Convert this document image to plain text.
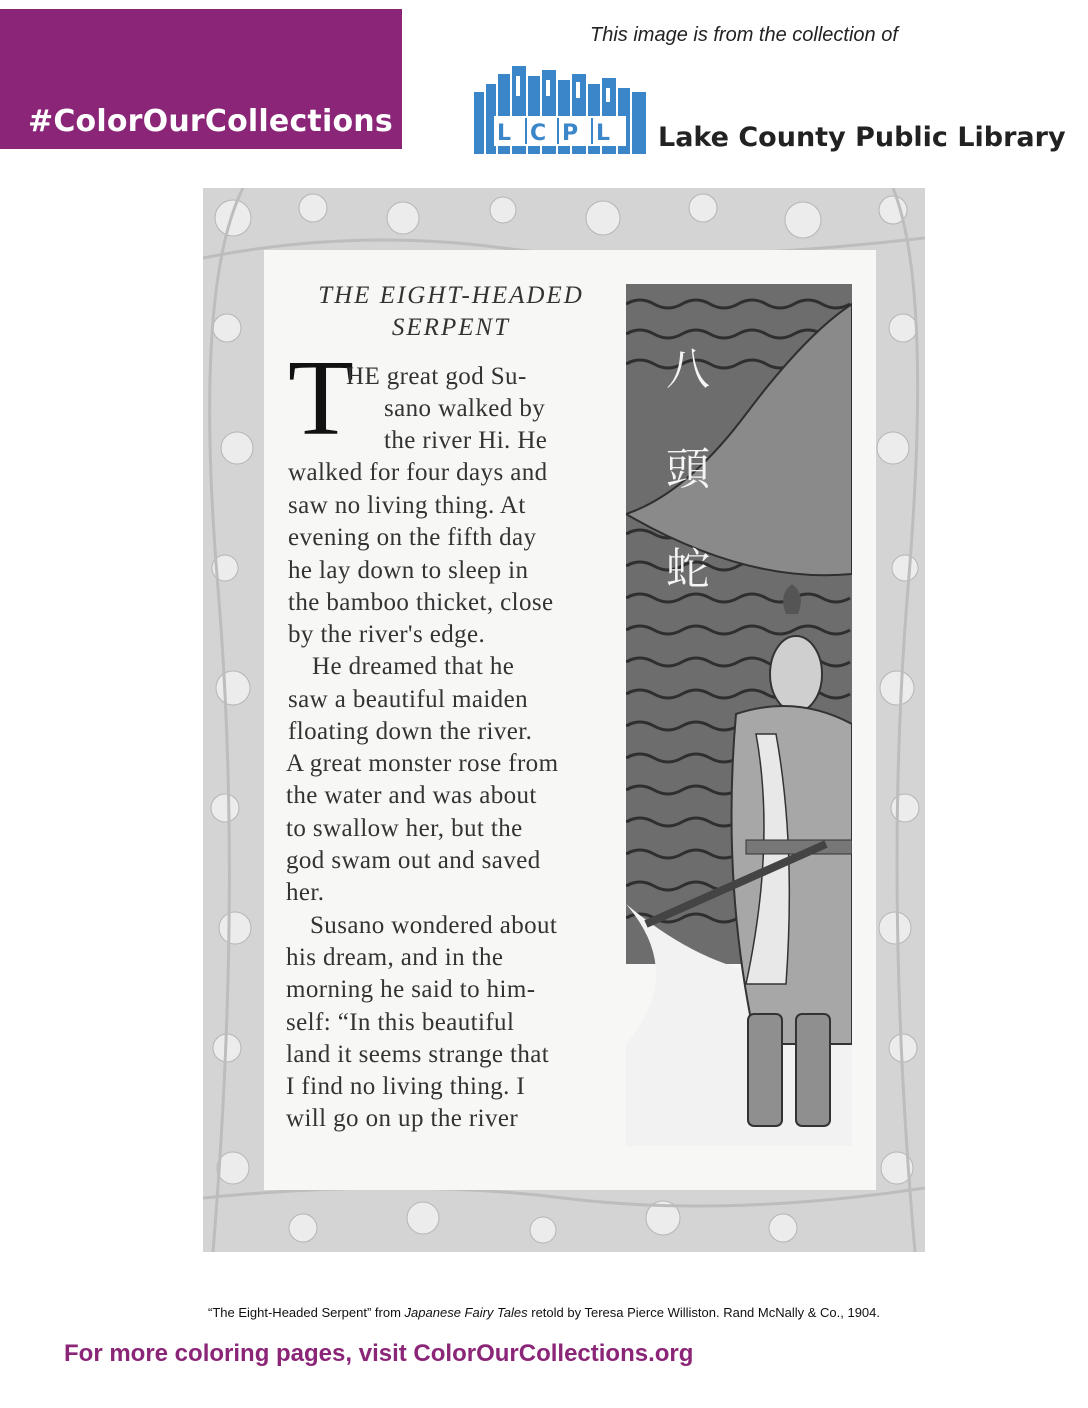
#ColorOurCollections
This image is from the collection of
L C P L Lake County Public Library
THE EIGHT-HEADED
SERPENT
T
HE great god Su-
sano walked by
the river Hi. He
walked for four days and
saw no living thing. At
evening on the fifth day
he lay down to sleep in
the bamboo thicket, close
by the river's edge.
He dreamed that he
saw a beautiful maiden
floating down the river.
A great monster rose from
the water and was about
to swallow her, but the
god swam out and saved
her.
Susano wondered about
his dream, and in the
morning he said to him-
self: “In this beautiful
land it seems strange that
I find no living thing. I
will go on up the river
八
頭
蛇
“The Eight-Headed Serpent” from Japanese Fairy Tales retold by Teresa Pierce Williston. Rand McNally & Co., 1904.
For more coloring pages, visit ColorOurCollections.org
